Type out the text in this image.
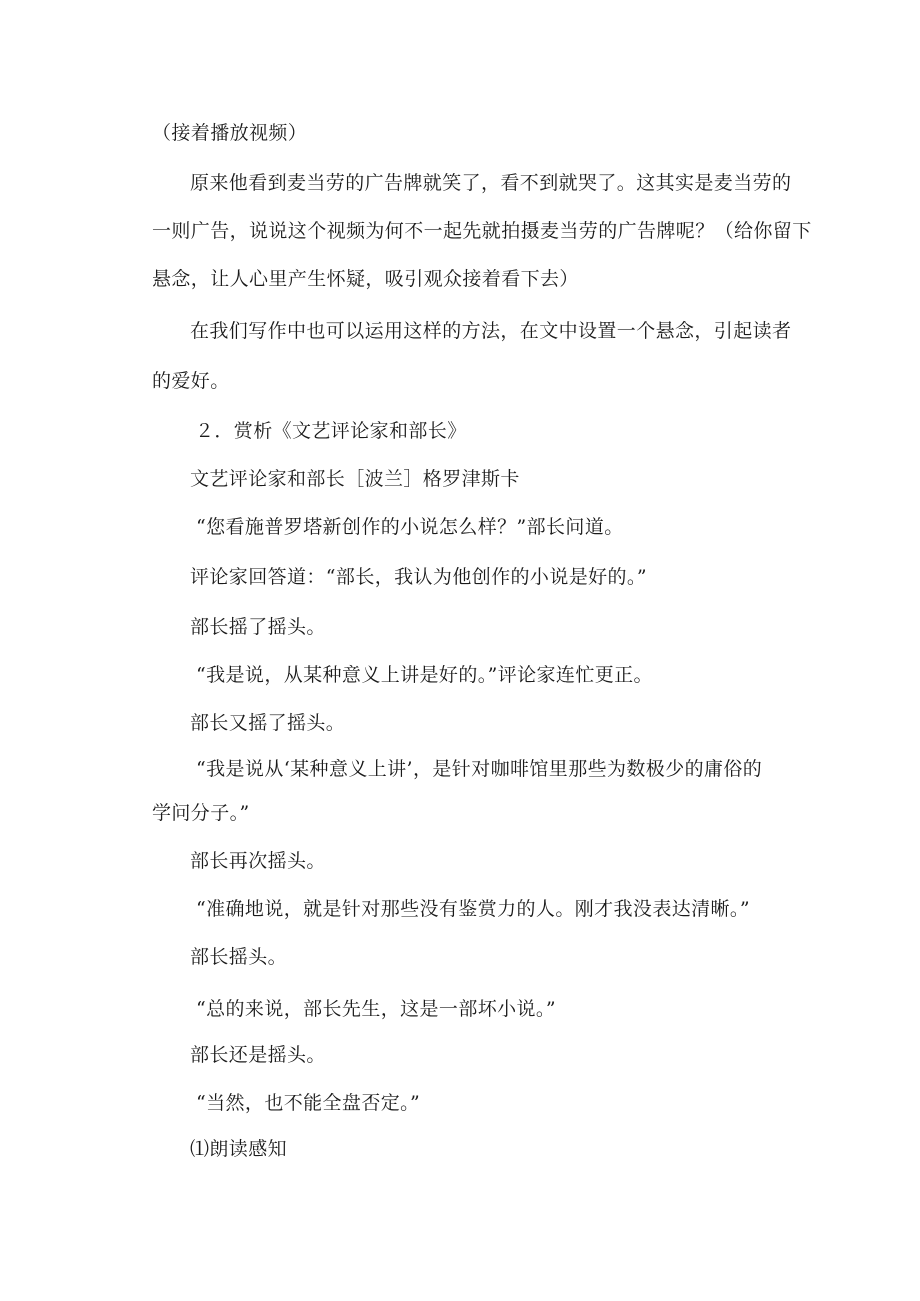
（接着播放视频）
原来他看到麦当劳的广告牌就笑了，看不到就哭了。这其实是麦当劳的
一则广告，说说这个视频为何不一起先就拍摄麦当劳的广告牌呢？（给你留下
悬念，让人心里产生怀疑，吸引观众接着看下去）
在我们写作中也可以运用这样的方法，在文中设置一个悬念，引起读者
的爱好。
２．赏析《文艺评论家和部长》
文艺评论家和部长［波兰］格罗津斯卡
“您看施普罗塔新创作的小说怎么样？”部长问道。
评论家回答道：“部长，我认为他创作的小说是好的。”
部长摇了摇头。
“我是说，从某种意义上讲是好的。”评论家连忙更正。
部长又摇了摇头。
“我是说从‘某种意义上讲’，是针对咖啡馆里那些为数极少的庸俗的
学问分子。”
部长再次摇头。
“准确地说，就是针对那些没有鉴赏力的人。刚才我没表达清晰。”
部长摇头。
“总的来说，部长先生，这是一部坏小说。”
部长还是摇头。
“当然，也不能全盘否定。”
⑴朗读感知
